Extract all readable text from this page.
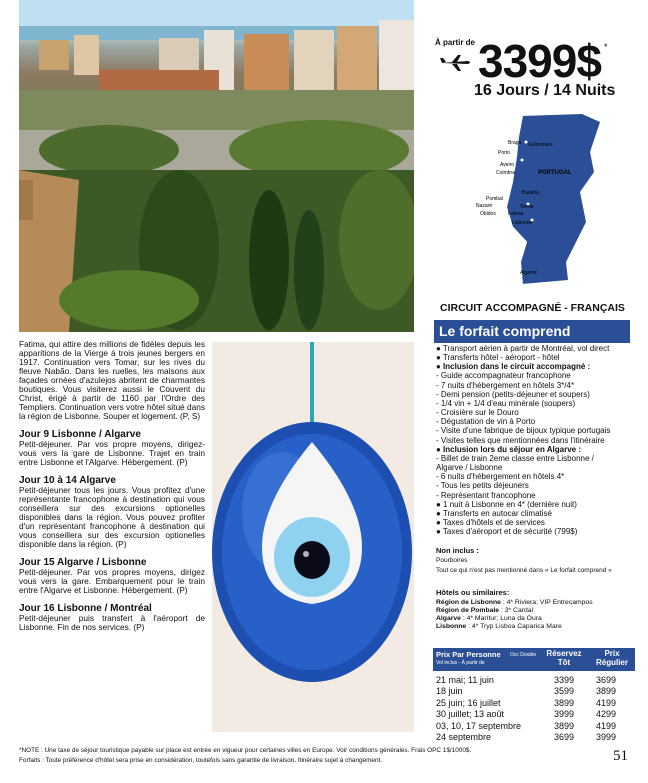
À partir de 3399$ *
16 Jours / 14 Nuits
Braga Guimaraes
Porto
Aveiro
Coimbra
Batalha
Pombal
Tomar
Nazaré
Fatima
Obidos
Lisbonne
Algarve
PORTUGAL
CIRCUIT ACCOMPAGNÉ - FRANÇAIS
Le forfait comprend
● Transport aérien à partir de Montréal, vol direct
● Transferts hôtel - aéroport - hôtel
● Inclusion dans le circuit accompagné :
- Guide accompagnateur francophone
- 7 nuits d'hébergement en hôtels 3*/4*
- Demi pension (petits-déjeuner et soupers)
- 1/4 vin + 1/4 d'eau minérale (soupers)
- Croisière sur le Douro
- Dégustation de vin à Porto
- Visite d'une fabrique de bijoux typique portugais
- Visites telles que mentionnées dans l'itinéraire
● Inclusion lors du séjour en Algarve :
- Billet de train 2eme classe entre Lisbonne /
Algarve / Lisbonne
- 6 nuits d'hébergement en hôtels 4*
- Tous les petits déjeuners
- Représentant francophone
● 1 nuit à Lisbonne en 4* (dernière nuit)
● Transferts en autocar climatisé
● Taxes d'hôtels et de services
● Taxes d'aéroport et de sécurité (799$)
Non inclus :
Pourboires
Tout ce qui n'est pas mentionné dans « Le forfait comprend »
Hôtels ou similaires:
Région de Lisbonne : 4* Riviera; VIP Entrecampos
Région de Pombale : 3* Cardal
Algarve : 4* Marítur; Luna da Oura
Lisbonne : 4* Tryp Lisboa Caparica Mare
Prix Par Personne Occ Double
Vol inclus - À partir de
Réservez Tôt
Prix Régulier
21 mai; 11 juin	3399 3699
18 juin	3599 3899
25 juin; 16 juillet	3899 4199
30 juillet; 13 août	3999 4299
03, 10, 17 septembre	3899 4199
24 septembre	3699 3999

Fatima, qui attire des millions de fidèles depuis les apparitions de la Vierge à trois jeunes bergers en 1917. Continuation vers Tomar, sur les rives du fleuve Nabão. Dans les ruelles, les maisons aux façades ornées d'azulejos abritent de charmantes boutiques. Vous visiterez aussi le Couvent du Christ, érigé à partir de 1160 par l'Ordre des Templiers. Continuation vers votre hôtel situé dans la région de Lisbonne. Souper et logement. (P, S)

Jour 9 Lisbonne / Algarve

Petit-déjeuner. Par vos propre moyens, dirigez-vous vers la gare de Lisbonne. Trajet en train entre Lisbonne et l'Algarve. Hébergement. (P)

Jour 10 à 14 Algarve

Petit-déjeuner tous les jours. Vous profitez d'une représentante francophone à destination qui vous conseillera sur des excursions optionelles disponibles dans la région. Vous pouvez profiter d'un représentant francophone à destination qui vous conseillera sur des excursion optionelles disponible dans la région. (P)

Jour 15 Algarve / Lisbonne

Petit-déjeuner. Par vos propres moyens, dirigez vous vers la gare. Embarquement pour le train entre l'Algarve et Lisbonne. Hébergement. (P)

Jour 16 Lisbonne / Montréal

Petit-déjeuner puis transfert à l'aéroport de Lisbonne. Fin de nos services. (P)

*NOTE : Une taxe de séjour touristique payable sur place est entrée en vigueur pour certaines villes en Europe. Voir conditions générales. Frais OPC 1$/1000$.
Forfaits : Toute préférence d'hôtel sera prise en considération, toutefois sans garantie de livraison. Itinéraire sujet à changement.	51
